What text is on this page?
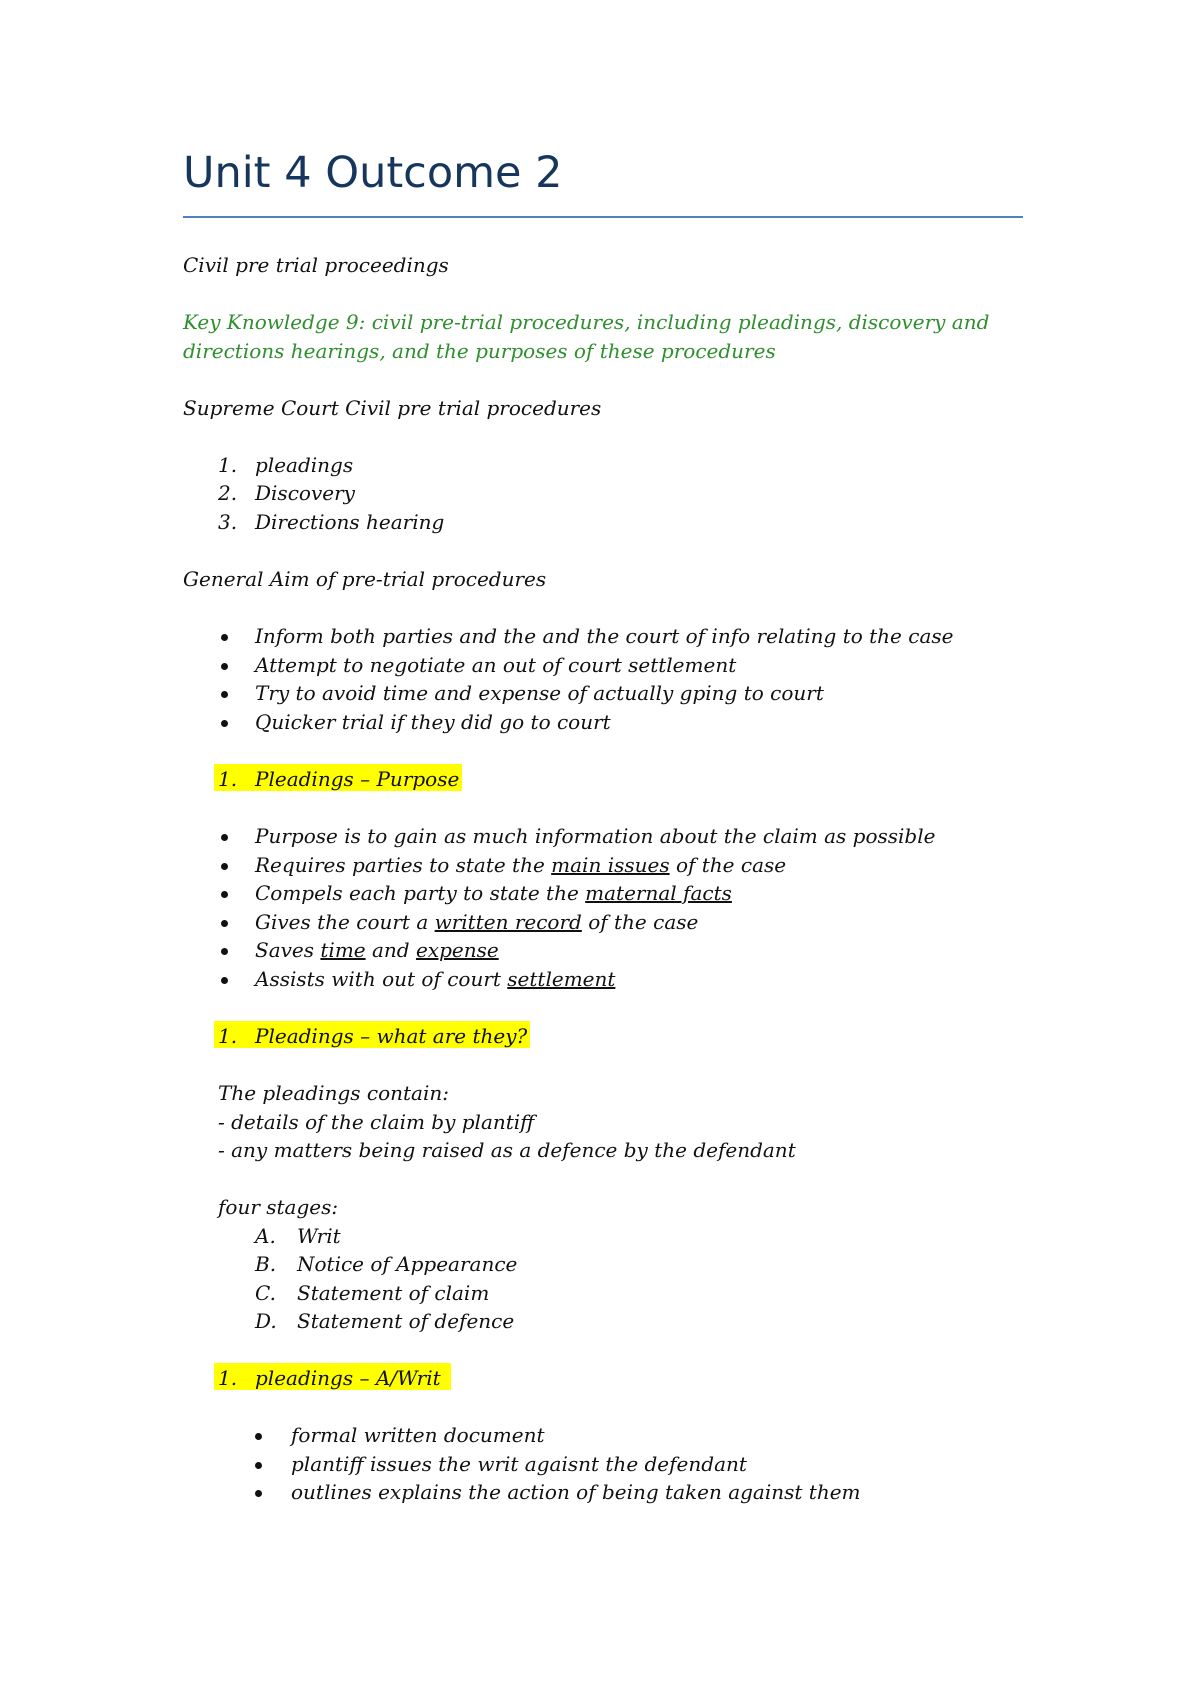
Unit 4 Outcome 2
Civil pre trial proceedings
Key Knowledge 9: civil pre-trial procedures, including pleadings, discovery and
directions hearings, and the purposes of these procedures
Supreme Court Civil pre trial procedures
1. pleadings
2. Discovery
3. Directions hearing
General Aim of pre-trial procedures
Inform both parties and the and the court of info relating to the case
Attempt to negotiate an out of court settlement
Try to avoid time and expense of actually gping to court
Quicker trial if they did go to court
1. Pleadings – Purpose
Purpose is to gain as much information about the claim as possible
Requires parties to state the main issues of the case
Compels each party to state the maternal facts
Gives the court a written record of the case
Saves time and expense
Assists with out of court settlement
1. Pleadings – what are they?
The pleadings contain:
- details of the claim by plantiff
- any matters being raised as a defence by the defendant
four stages:
A. Writ
B. Notice of Appearance
C. Statement of claim
D. Statement of defence
1. pleadings – A/Writ
formal written document
plantiff issues the writ agaisnt the defendant
outlines explains the action of being taken against them
